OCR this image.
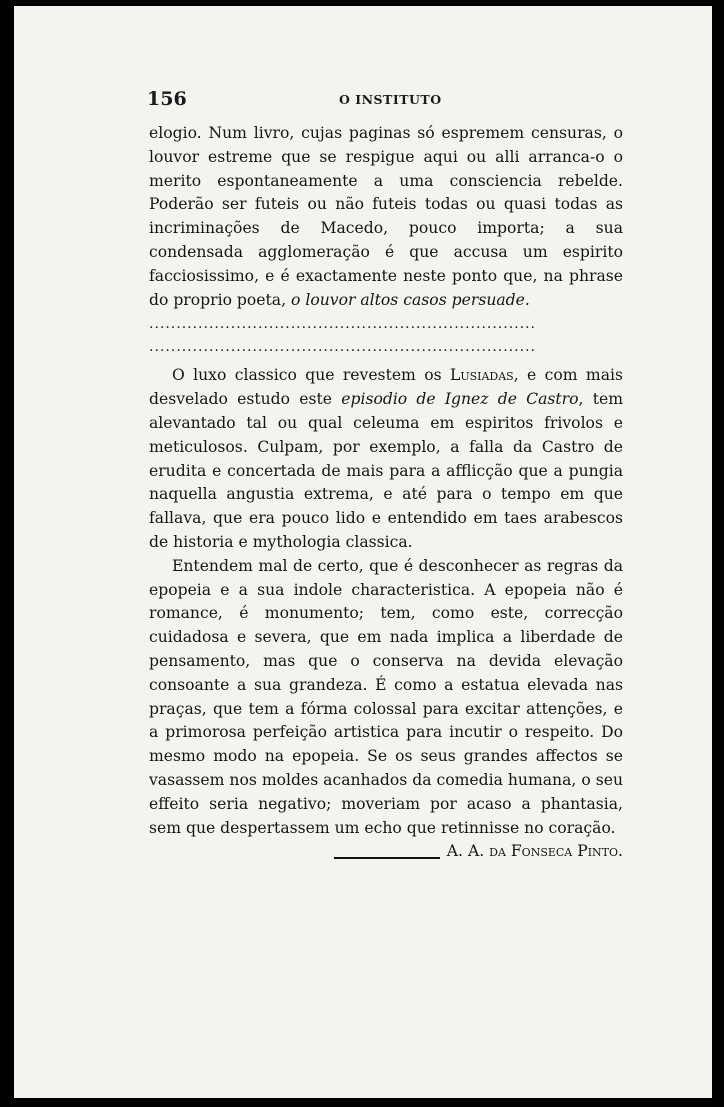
156	O INSTITUTO

elogio. Num livro, cujas paginas só espremem censuras, o louvor estreme que se respigue aqui ou alli arranca-o o merito espontaneamente a uma consciencia rebelde. Poderão ser futeis ou não futeis todas ou quasi todas as incriminações de Macedo, pouco importa; a sua condensada agglomeração é que accusa um espirito facciosissimo, e é exactamente neste ponto que, na phrase do proprio poeta, o louvor altos casos persuade.

.......................................................................
.......................................................................

O luxo classico que revestem os Lusiadas, e com mais desvelado estudo este episodio de Ignez de Castro, tem alevantado tal ou qual celeuma em espiritos frivolos e meticulosos. Culpam, por exemplo, a falla da Castro de erudita e concertada de mais para a afflicção que a pungia naquella angustia extrema, e até para o tempo em que fallava, que era pouco lido e entendido em taes arabescos de historia e mythologia classica.

Entendem mal de certo, que é desconhecer as regras da epopeia e a sua indole characteristica. A epopeia não é romance, é monumento; tem, como este, correcção cuidadosa e severa, que em nada implica a liberdade de pensamento, mas que o conserva na devida elevação consoante a sua grandeza. É como a estatua elevada nas praças, que tem a fórma colossal para excitar attenções, e a primorosa perfeição artistica para incutir o respeito. Do mesmo modo na epopeia. Se os seus grandes affectos se vasassem nos moldes acanhados da comedia humana, o seu effeito seria negativo; moveriam por acaso a phantasia, sem que despertassem um echo que retinnisse no coração.

A. A. da Fonseca Pinto.
